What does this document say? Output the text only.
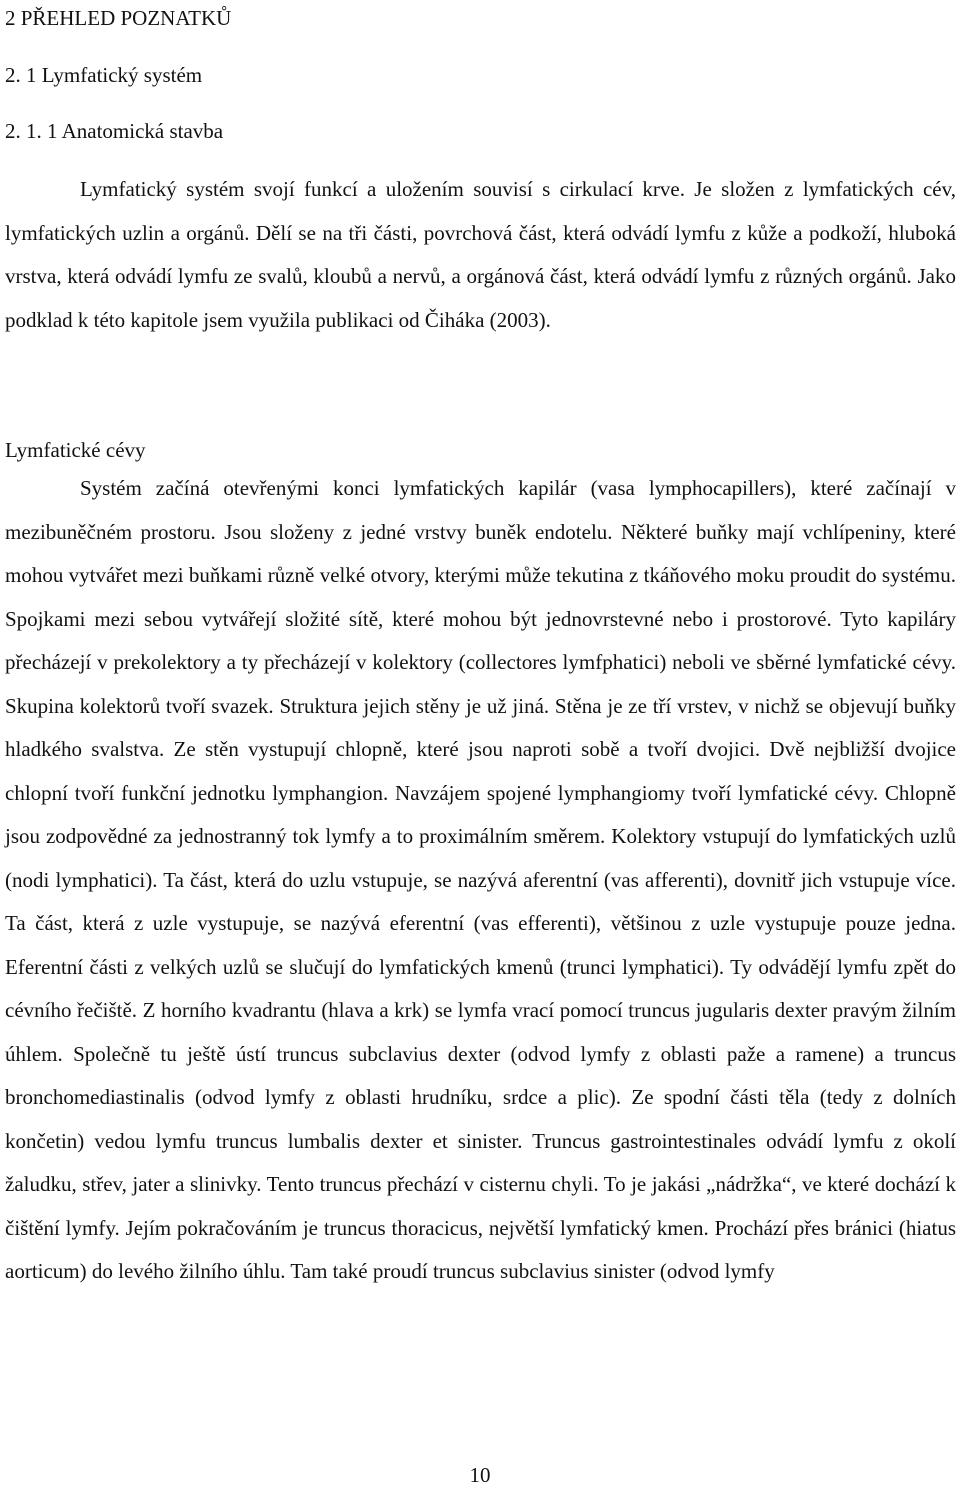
2 PŘEHLED POZNATKŮ
2. 1 Lymfatický systém
2. 1. 1 Anatomická stavba

Lymfatický systém svojí funkcí a uložením souvisí s cirkulací krve. Je složen z lymfatických cév, lymfatických uzlin a orgánů. Dělí se na tři části, povrchová část, která odvádí lymfu z kůže a podkoží, hluboká vrstva, která odvádí lymfu ze svalů, kloubů a nervů, a orgánová část, která odvádí lymfu z různých orgánů. Jako podklad k této kapitole jsem využila publikaci od Čiháka (2003).

Lymfatické cévy

Systém začíná otevřenými konci lymfatických kapilár (vasa lymphocapillers), které začínají v mezibuněčném prostoru. Jsou složeny z jedné vrstvy buněk endotelu. Některé buňky mají vchlípeniny, které mohou vytvářet mezi buňkami různě velké otvory, kterými může tekutina z tkáňového moku proudit do systému. Spojkami mezi sebou vytvářejí složité sítě, které mohou být jednovrstevné nebo i prostorové. Tyto kapiláry přecházejí v prekolektory a ty přecházejí v kolektory (collectores lymfphatici) neboli ve sběrné lymfatické cévy. Skupina kolektorů tvoří svazek. Struktura jejich stěny je už jiná. Stěna je ze tří vrstev, v nichž se objevují buňky hladkého svalstva. Ze stěn vystupují chlopně, které jsou naproti sobě a tvoří dvojici. Dvě nejbližší dvojice chlopní tvoří funkční jednotku lymphangion. Navzájem spojené lymphangiomy tvoří lymfatické cévy. Chlopně jsou zodpovědné za jednostranný tok lymfy a to proximálním směrem. Kolektory vstupují do lymfatických uzlů (nodi lymphatici). Ta část, která do uzlu vstupuje, se nazývá aferentní (vas afferenti), dovnitř jich vstupuje více. Ta část, která z uzle vystupuje, se nazývá eferentní (vas efferenti), většinou z uzle vystupuje pouze jedna. Eferentní části z velkých uzlů se slučují do lymfatických kmenů (trunci lymphatici). Ty odvádějí lymfu zpět do cévního řečiště. Z horního kvadrantu (hlava a krk) se lymfa vrací pomocí truncus jugularis dexter pravým žilním úhlem. Společně tu ještě ústí truncus subclavius dexter (odvod lymfy z oblasti paže a ramene) a truncus bronchomediastinalis (odvod lymfy z oblasti hrudníku, srdce a plic). Ze spodní části těla (tedy z dolních končetin) vedou lymfu truncus lumbalis dexter et sinister. Truncus gastrointestinales odvádí lymfu z okolí žaludku, střev, jater a slinivky. Tento truncus přechází v cisternu chyli. To je jakási „nádržka“, ve které dochází k čištění lymfy. Jejím pokračováním je truncus thoracicus, největší lymfatický kmen. Prochází přes bránici (hiatus aorticum) do levého žilního úhlu. Tam také proudí truncus subclavius sinister (odvod lymfy

10
